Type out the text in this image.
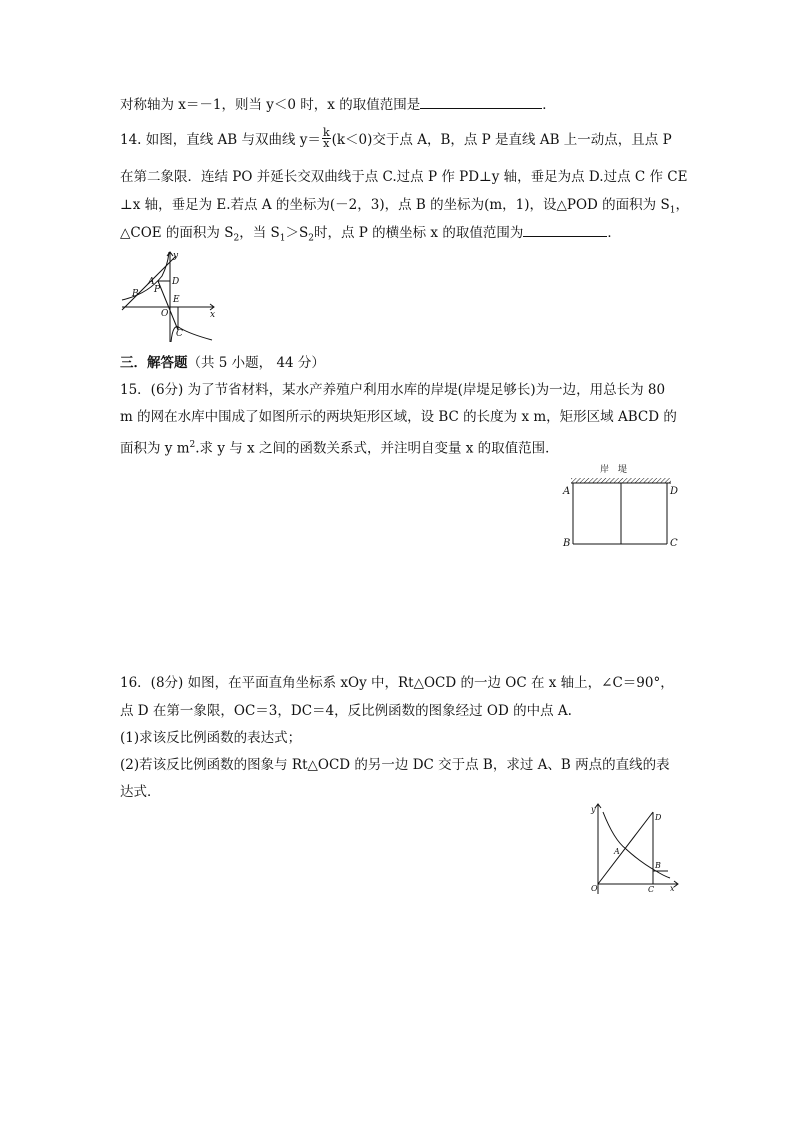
对称轴为 x＝－1，则当 y＜0 时，x 的取值范围是	．
14. 如图，直线 AB 与双曲线 $y= \frac{k}{x} (k<0)$交于点 A，B，点 P 是直线 AB 上一动点，且点 P
在第二象限．连结 PO 并延长交双曲线于点 C.过点 P 作 PD⊥y 轴，垂足为点 D.过点 C 作 CE
⊥x 轴，垂足为 E.若点 A 的坐标为(－2，3)，点 B 的坐标为(m，1)，设△POD 的面积为 $S_1$，
△COE 的面积为 $S_2$，当 $S_1>S_2$时，点 P 的横坐标 x 的取值范围为	．
y
x
A
B P
D
E
O
C
三．解答题（共 5 小题， 44 分）
15．(6分) 为了节省材料，某水产养殖户利用水库的岸堤(岸堤足够长)为一边，用总长为 80
m 的网在水库中围成了如图所示的两块矩形区域，设 BC 的长度为 x m，矩形区域 ABCD 的
面积为 y $m^2$.求 y 与 x 之间的函数关系式，并注明自变量 x 的取值范围．
岸　堤
A
B	C
D
16．(8分) 如图，在平面直角坐标系 xOy 中，Rt△OCD 的一边 OC 在 x 轴上，∠C＝90°，
点 D 在第一象限，OC＝3，DC＝4，反比例函数的图象经过 OD 的中点 A.
(1)求该反比例函数的表达式；
(2)若该反比例函数的图象与 Rt△OCD 的另一边 DC 交于点 B，求过 A、B 两点的直线的表
达式．
y
x
O
A
B
C
D
